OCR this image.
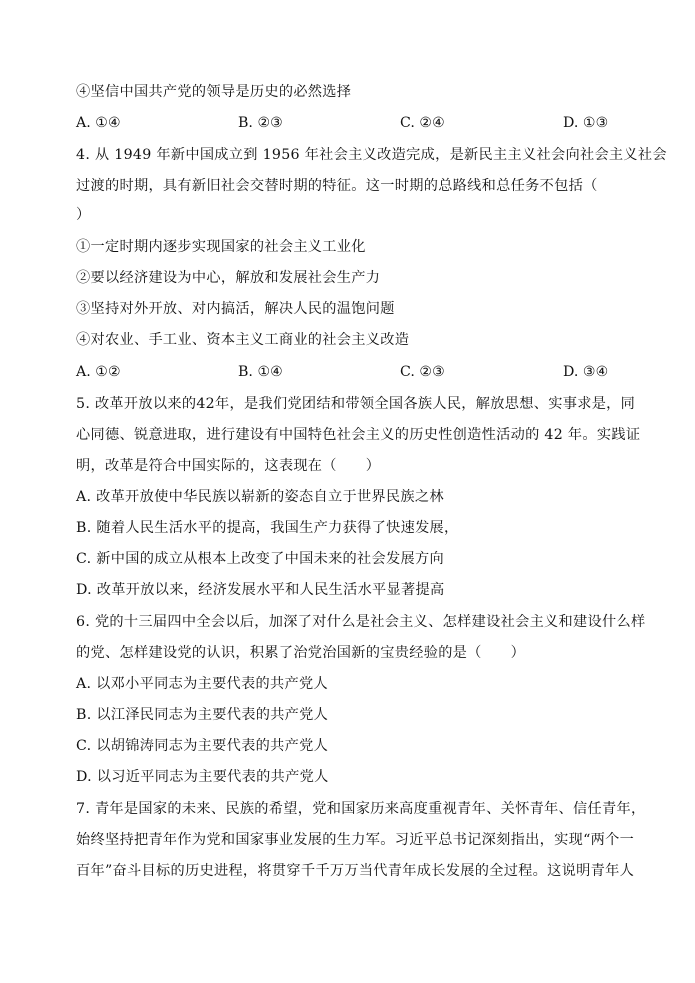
④坚信中国共产党的领导是历史的必然选择
A. ①④	B. ②③	C. ②④	D. ①③
4. 从 1949 年新中国成立到 1956 年社会主义改造完成，是新民主主义社会向社会主义社会
过渡的时期，具有新旧社会交替时期的特征。这一时期的总路线和总任务不包括（
）
①一定时期内逐步实现国家的社会主义工业化
②要以经济建设为中心，解放和发展社会生产力
③坚持对外开放、对内搞活，解决人民的温饱问题
④对农业、手工业、资本主义工商业的社会主义改造
A. ①②	B. ①④	C. ②③	D. ③④
5. 改革开放以来的42年，是我们党团结和带领全国各族人民，解放思想、实事求是，同
心同德、锐意进取，进行建设有中国特色社会主义的历史性创造性活动的 42 年。实践证
明，改革是符合中国实际的，这表现在（　　）
A. 改革开放使中华民族以崭新的姿态自立于世界民族之林
B. 随着人民生活水平的提高，我国生产力获得了快速发展，
C. 新中国的成立从根本上改变了中国未来的社会发展方向
D. 改革开放以来，经济发展水平和人民生活水平显著提高
6. 党的十三届四中全会以后，加深了对什么是社会主义、怎样建设社会主义和建设什么样
的党、怎样建设党的认识，积累了治党治国新的宝贵经验的是（　　）
A. 以邓小平同志为主要代表的共产党人
B. 以江泽民同志为主要代表的共产党人
C. 以胡锦涛同志为主要代表的共产党人
D. 以习近平同志为主要代表的共产党人
7. 青年是国家的未来、民族的希望，党和国家历来高度重视青年、关怀青年、信任青年，
始终坚持把青年作为党和国家事业发展的生力军。习近平总书记深刻指出，实现“两个一
百年”奋斗目标的历史进程，将贯穿千千万万当代青年成长发展的全过程。这说明青年人
